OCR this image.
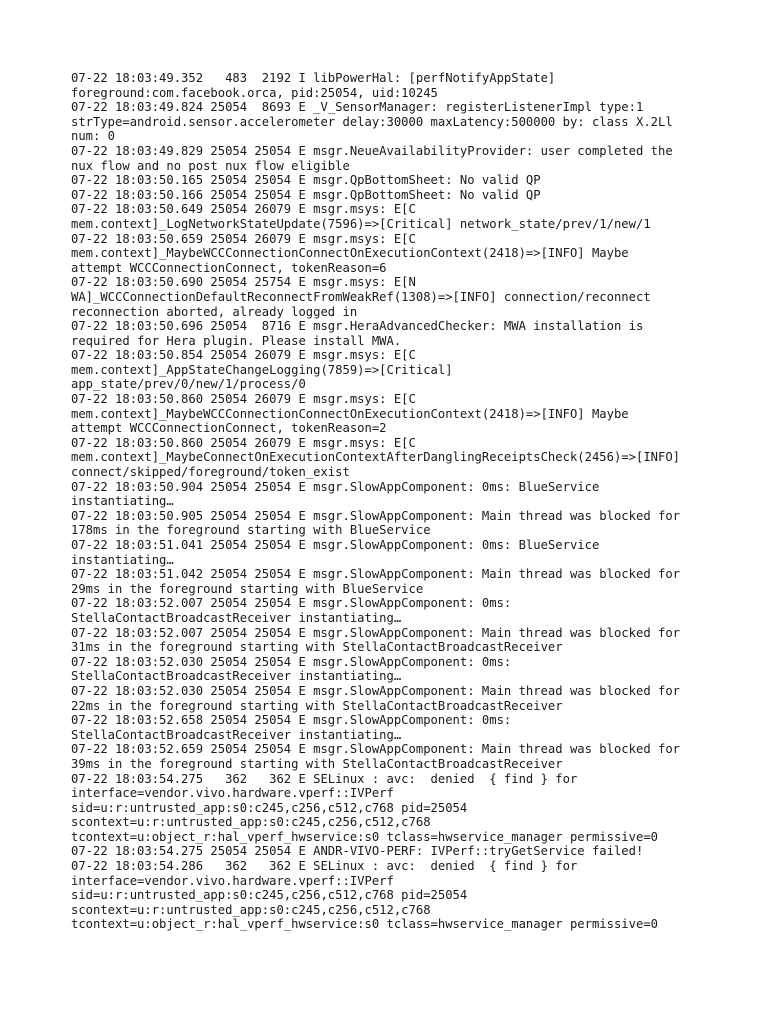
07-22 18:03:49.352   483  2192 I libPowerHal: [perfNotifyAppState]
foreground:com.facebook.orca, pid:25054, uid:10245
07-22 18:03:49.824 25054  8693 E _V_SensorManager: registerListenerImpl type:1
strType=android.sensor.accelerometer delay:30000 maxLatency:500000 by: class X.2Ll
num: 0
07-22 18:03:49.829 25054 25054 E msgr.NeueAvailabilityProvider: user completed the
nux flow and no post nux flow eligible
07-22 18:03:50.165 25054 25054 E msgr.QpBottomSheet: No valid QP
07-22 18:03:50.166 25054 25054 E msgr.QpBottomSheet: No valid QP
07-22 18:03:50.649 25054 26079 E msgr.msys: E[C
mem.context]_LogNetworkStateUpdate(7596)=>[Critical] network_state/prev/1/new/1
07-22 18:03:50.659 25054 26079 E msgr.msys: E[C
mem.context]_MaybeWCCConnectionConnectOnExecutionContext(2418)=>[INFO] Maybe
attempt WCCConnectionConnect, tokenReason=6
07-22 18:03:50.690 25054 25754 E msgr.msys: E[N
WA]_WCCConnectionDefaultReconnectFromWeakRef(1308)=>[INFO] connection/reconnect
reconnection aborted, already logged in
07-22 18:03:50.696 25054  8716 E msgr.HeraAdvancedChecker: MWA installation is
required for Hera plugin. Please install MWA.
07-22 18:03:50.854 25054 26079 E msgr.msys: E[C
mem.context]_AppStateChangeLogging(7859)=>[Critical]
app_state/prev/0/new/1/process/0
07-22 18:03:50.860 25054 26079 E msgr.msys: E[C
mem.context]_MaybeWCCConnectionConnectOnExecutionContext(2418)=>[INFO] Maybe
attempt WCCConnectionConnect, tokenReason=2
07-22 18:03:50.860 25054 26079 E msgr.msys: E[C
mem.context]_MaybeConnectOnExecutionContextAfterDanglingReceiptsCheck(2456)=>[INFO]
connect/skipped/foreground/token_exist
07-22 18:03:50.904 25054 25054 E msgr.SlowAppComponent: 0ms: BlueService
instantiating…
07-22 18:03:50.905 25054 25054 E msgr.SlowAppComponent: Main thread was blocked for
178ms in the foreground starting with BlueService
07-22 18:03:51.041 25054 25054 E msgr.SlowAppComponent: 0ms: BlueService
instantiating…
07-22 18:03:51.042 25054 25054 E msgr.SlowAppComponent: Main thread was blocked for
29ms in the foreground starting with BlueService
07-22 18:03:52.007 25054 25054 E msgr.SlowAppComponent: 0ms:
StellaContactBroadcastReceiver instantiating…
07-22 18:03:52.007 25054 25054 E msgr.SlowAppComponent: Main thread was blocked for
31ms in the foreground starting with StellaContactBroadcastReceiver
07-22 18:03:52.030 25054 25054 E msgr.SlowAppComponent: 0ms:
StellaContactBroadcastReceiver instantiating…
07-22 18:03:52.030 25054 25054 E msgr.SlowAppComponent: Main thread was blocked for
22ms in the foreground starting with StellaContactBroadcastReceiver
07-22 18:03:52.658 25054 25054 E msgr.SlowAppComponent: 0ms:
StellaContactBroadcastReceiver instantiating…
07-22 18:03:52.659 25054 25054 E msgr.SlowAppComponent: Main thread was blocked for
39ms in the foreground starting with StellaContactBroadcastReceiver
07-22 18:03:54.275   362   362 E SELinux : avc:  denied  { find } for
interface=vendor.vivo.hardware.vperf::IVPerf
sid=u:r:untrusted_app:s0:c245,c256,c512,c768 pid=25054
scontext=u:r:untrusted_app:s0:c245,c256,c512,c768
tcontext=u:object_r:hal_vperf_hwservice:s0 tclass=hwservice_manager permissive=0
07-22 18:03:54.275 25054 25054 E ANDR-VIVO-PERF: IVPerf::tryGetService failed!
07-22 18:03:54.286   362   362 E SELinux : avc:  denied  { find } for
interface=vendor.vivo.hardware.vperf::IVPerf
sid=u:r:untrusted_app:s0:c245,c256,c512,c768 pid=25054
scontext=u:r:untrusted_app:s0:c245,c256,c512,c768
tcontext=u:object_r:hal_vperf_hwservice:s0 tclass=hwservice_manager permissive=0
